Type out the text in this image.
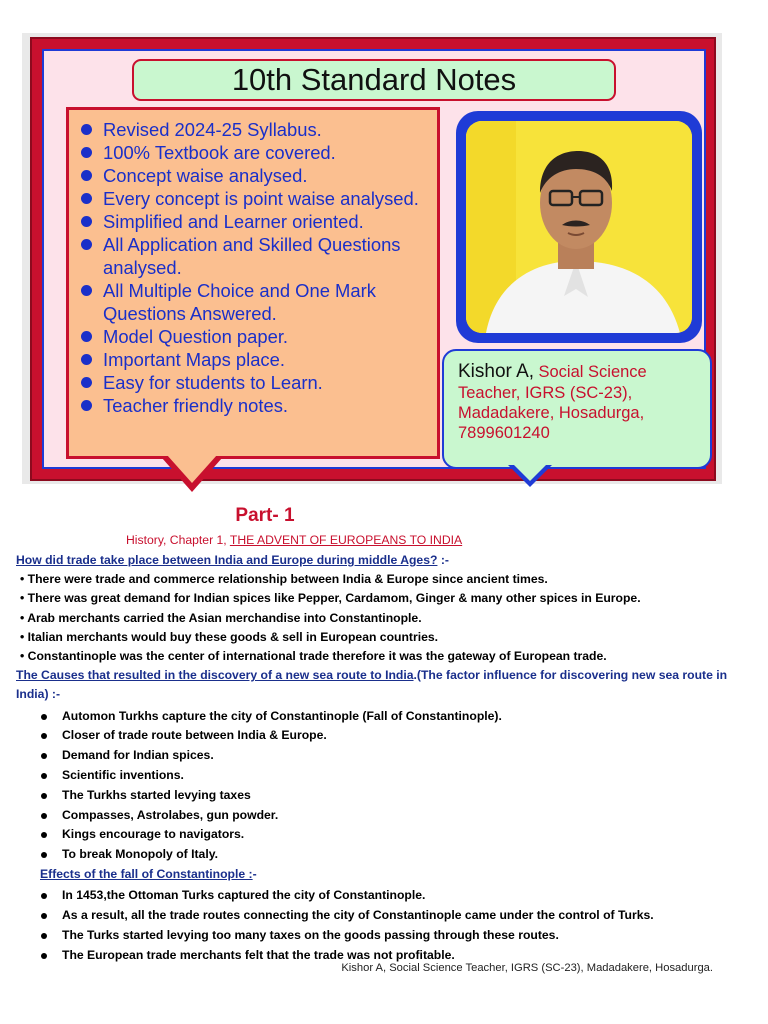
10th Standard Notes
Revised 2024-25 Syllabus.
100% Textbook are covered.
Concept waise analysed.
Every concept is point waise analysed.
Simplified and Learner oriented.
All Application and Skilled Questions analysed.
All Multiple Choice and One Mark Questions Answered.
Model Question paper.
Important Maps place.
Easy for students to Learn.
Teacher friendly notes.
Kishor A, Social Science
Teacher, IGRS (SC-23),
Madadakere, Hosadurga,
7899601240
Part- 1
History, Chapter 1, THE ADVENT OF EUROPEANS TO INDIA
How did trade take place between India and Europe during middle Ages? :-
• There were trade and commerce relationship between India & Europe since ancient times.
• There was great demand for Indian spices like Pepper, Cardamom, Ginger & many other spices in Europe.
• Arab merchants carried the Asian merchandise into Constantinople.
• Italian merchants would buy these goods & sell in European countries.
• Constantinople was the center of international trade therefore it was the gateway of European trade.
The Causes that resulted in the discovery of a new sea route to India.(The factor influence for discovering new sea route in India) :-
Automon Turkhs capture the city of Constantinople (Fall of Constantinople).
Closer of trade route between India & Europe.
Demand for Indian spices.
Scientific inventions.
The Turkhs started levying taxes
Compasses, Astrolabes, gun powder.
Kings encourage to navigators.
To break Monopoly of Italy.
Effects of the fall of Constantinople :-
In 1453,the Ottoman Turks captured the city of Constantinople.
As a result, all the trade routes connecting the city of Constantinople came under the control of Turks.
The Turks started levying too many taxes on the goods passing through these routes.
The European trade merchants felt that the trade was not profitable.
Kishor A, Social Science Teacher, IGRS (SC-23), Madadakere, Hosadurga.
